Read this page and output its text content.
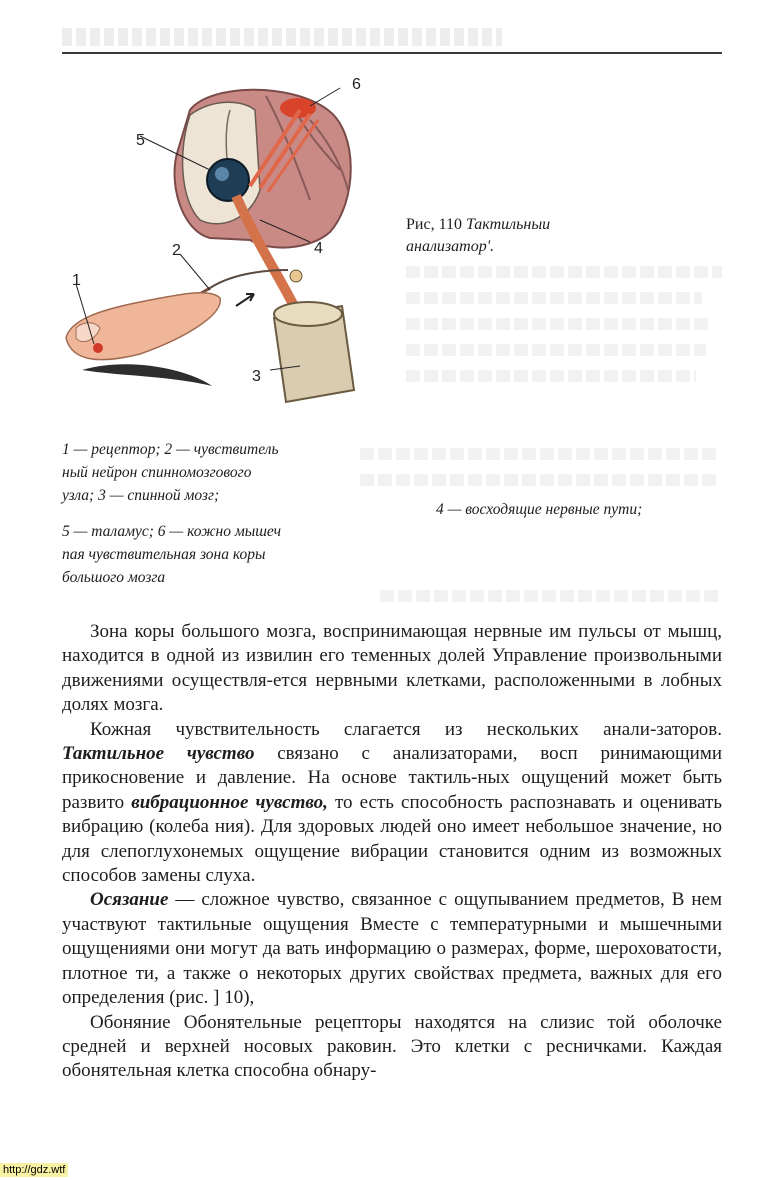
1
2
3
4
5
6
Рис, 110 Тактильныи анализатор'.
1 — рецептор; 2 — чувствитель
ный нейрон спинномозгового
узла; 3 — спинной мозг;
5 — таламус; 6 — кожно мышеч
пая чувствительная зона коры
большого мозга
4 — восходящие нервные пути;

Зона коры большого мозга, воспринимающая нервные им пульсы от мышц, находится в одной из извилин его теменных долей Управление произвольными движениями осуществля-ется нервными клетками, расположенными в лобных долях мозга.

Кожная чувствительность слагается из нескольких анали-заторов. Тактильное чувство связано с анализаторами, восп ринимающими прикосновение и давление. На основе тактиль-ных ощущений может быть развито вибрационное чувство, то есть способность распознавать и оценивать вибрацию (колеба ния). Для здоровых людей оно имеет небольшое значение, но для слепоглухонемых ощущение вибрации становится одним из возможных способов замены слуха.

Осязание — сложное чувство, связанное с ощупыванием предметов, В нем участвуют тактильные ощущения Вместе с температурными и мышечными ощущениями они могут да вать информацию о размерах, форме, шероховатости, плотное ти, а также о некоторых других свойствах предмета, важных для его определения (рис. ] 10),

Обоняние Обонятельные рецепторы находятся на слизис той оболочке средней и верхней носовых раковин. Это клетки с ресничками. Каждая обонятельная клетка способна обнару-

http://gdz.wtf
